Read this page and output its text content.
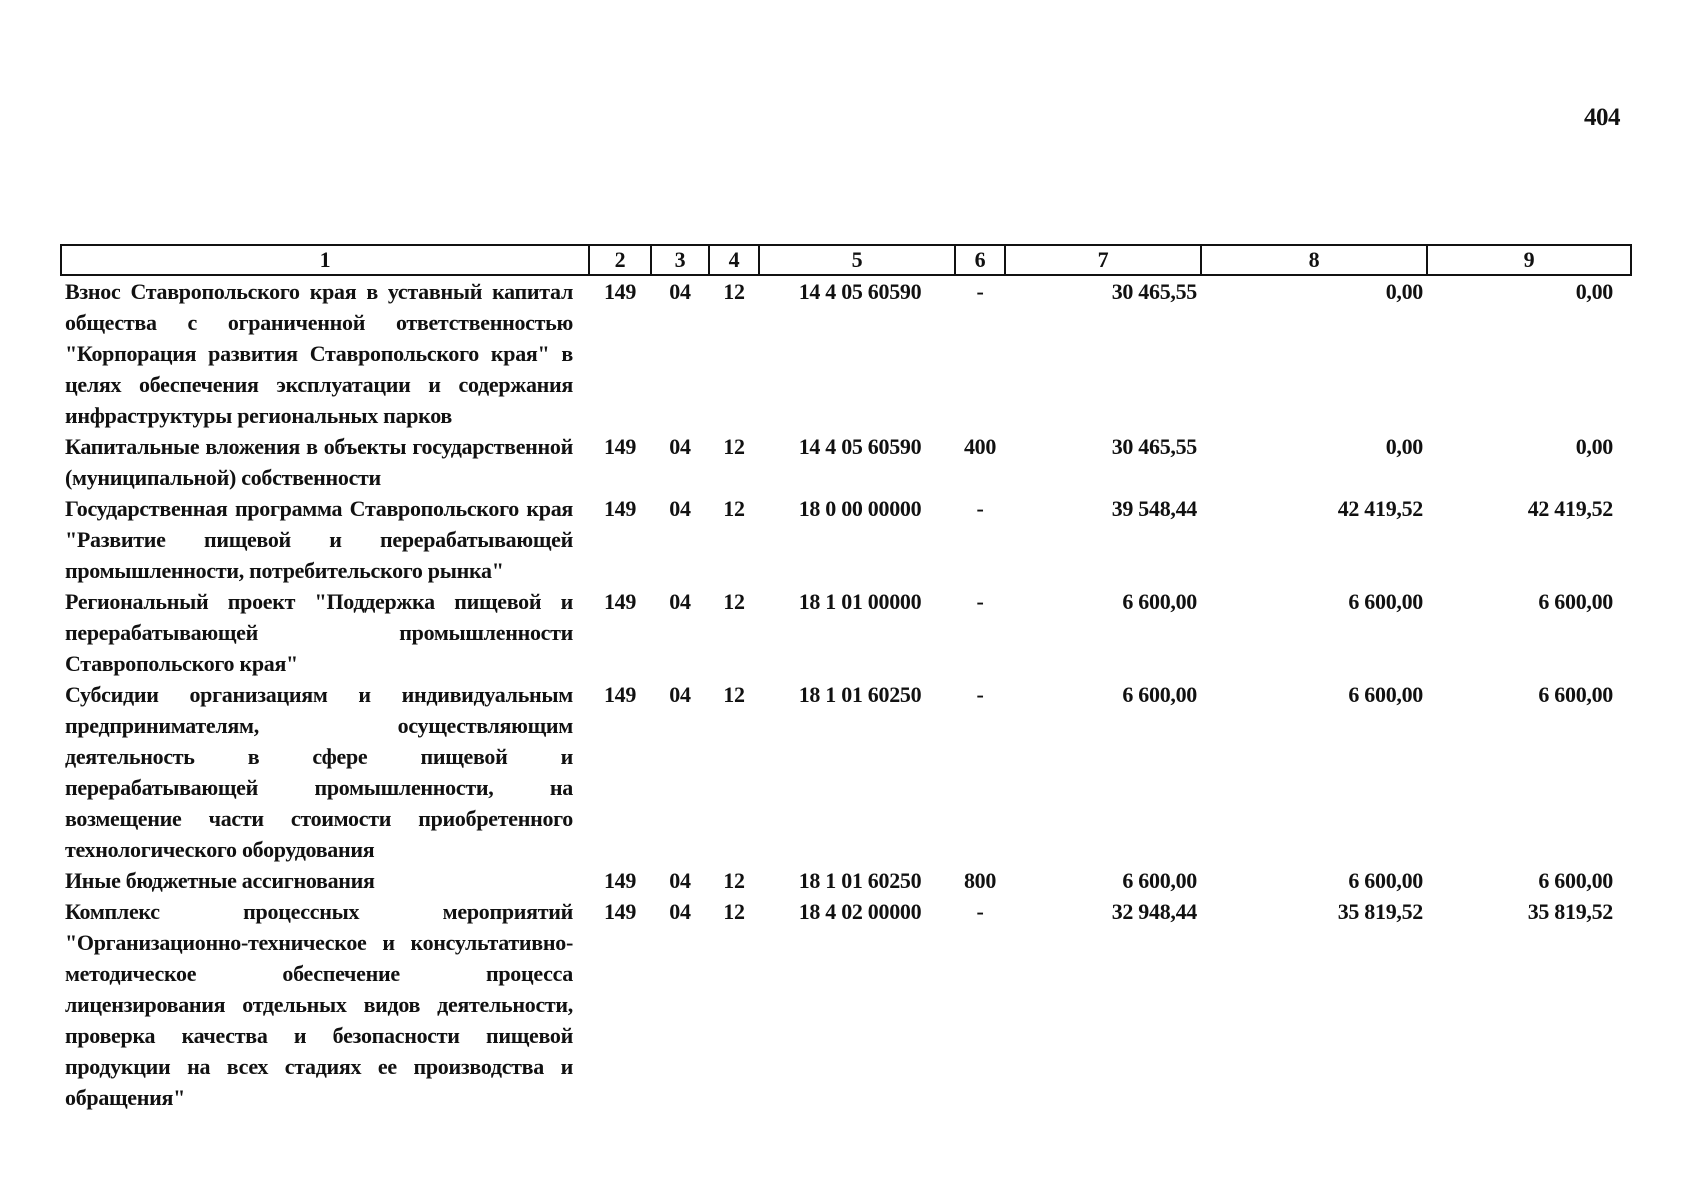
404
1	2	3	4	5	6	7	8	9
Взнос Ставропольского края в уставный капитал общества с ограниченной ответственностью "Корпорация развития Ставропольского края" в целях обеспечения эксплуатации и содержания инфраструктуры региональных парков	149	04	12	14 4 05 60590	-	30 465,55	0,00	0,00
Капитальные вложения в объекты государственной (муниципальной) собственности	149	04	12	14 4 05 60590	400	30 465,55	0,00	0,00
Государственная программа Ставропольского края "Развитие пищевой и перерабатывающей промышленности, потребительского рынка"	149	04	12	18 0 00 00000	-	39 548,44	42 419,52	42 419,52
Региональный проект "Поддержка пищевой и перерабатывающей промышленности Ставропольского края"	149	04	12	18 1 01 00000	-	6 600,00	6 600,00	6 600,00
Субсидии организациям и индивидуальным предпринимателям, осуществляющим деятельность в сфере пищевой и перерабатывающей промышленности, на возмещение части стоимости приобретенного технологического оборудования	149	04	12	18 1 01 60250	-	6 600,00	6 600,00	6 600,00
Иные бюджетные ассигнования	149	04	12	18 1 01 60250	800	6 600,00	6 600,00	6 600,00
Комплекс процессных мероприятий "Организационно-техническое и консультативно-методическое обеспечение процесса лицензирования отдельных видов деятельности, проверка качества и безопасности пищевой продукции на всех стадиях ее производства и обращения"	149	04	12	18 4 02 00000	-	32 948,44	35 819,52	35 819,52
